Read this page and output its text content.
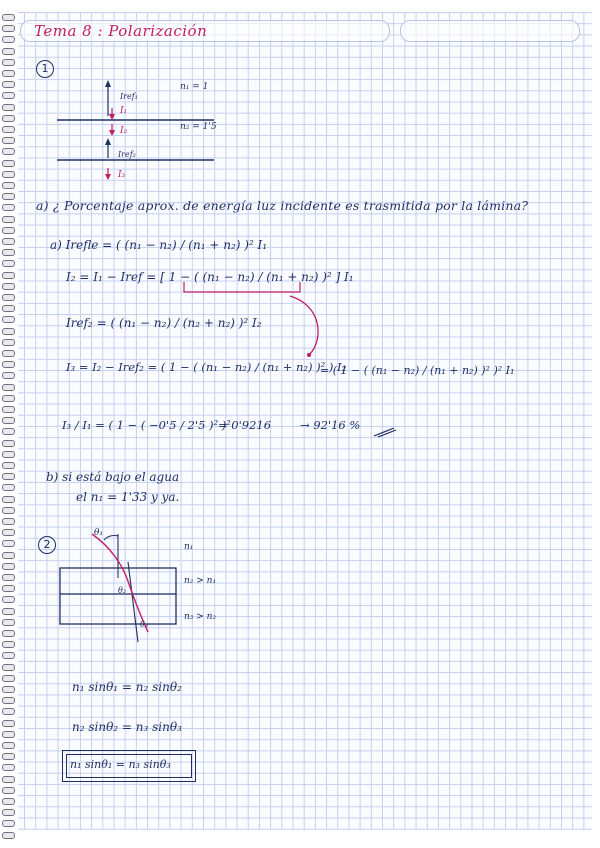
Tema 8 : Polarización
1
Iref₁
I₁
I₂
Iref₂
I₃
n₁ = 1
n₂ = 1'5
a) ¿ Porcentaje aprox. de energía luz incidente es trasmitida por la lámina?
a) Irefle = ( (n₁ − n₂) / (n₁ + n₂) )² I₁
I₂ = I₁ − Iref = [ 1 − ( (n₁ − n₂) / (n₁ + n₂) )² ] I₁
Iref₂ = ( (n₁ − n₂) / (n₂ + n₂) )² I₂
I₃ = I₂ − Iref₂ = ( 1 − ( (n₁ − n₂) / (n₁ + n₂) )² ) I₂
= ( 1 − ( (n₁ − n₂) / (n₁ + n₂) )² )² I₁
I₃ / I₁ = ( 1 − ( −0'5 / 2'5 )² )²
= 0'9216	→ 92'16 %
b) si está bajo el agua
el n₁ = 1'33 y ya.
2
θ₁
θ₂
θ₃
n₁
n₂ > n₁
n₃ > n₂
n₁ sinθ₁ = n₂ sinθ₂
n₂ sinθ₂ = n₃ sinθ₃
n₁ sinθ₁ = n₃ sinθ₃
